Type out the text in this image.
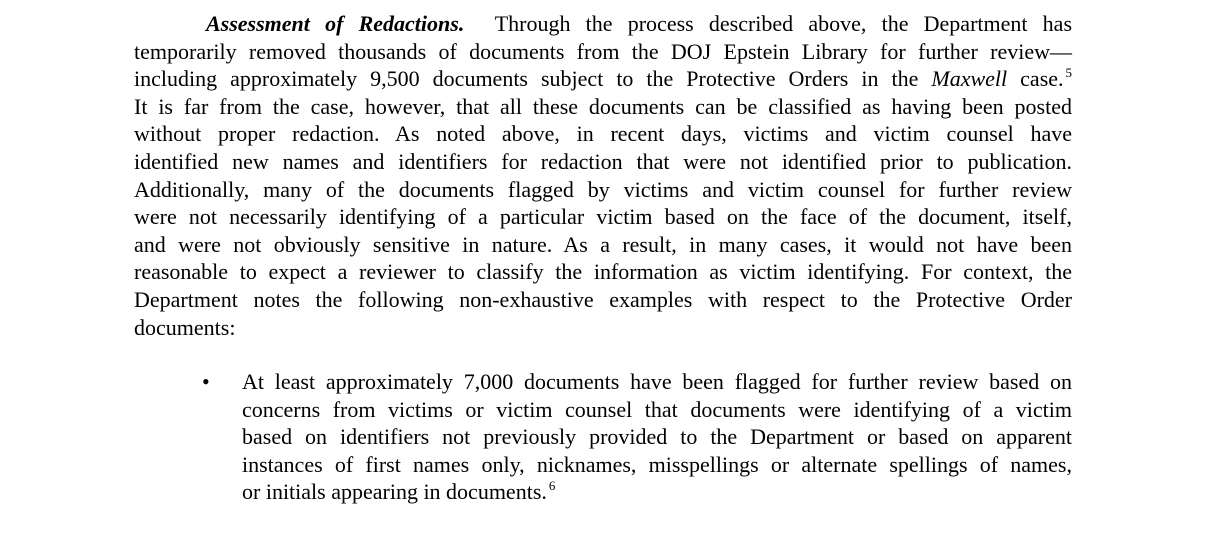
Assessment of Redactions. Through the process described above, the Department has
temporarily removed thousands of documents from the DOJ Epstein Library for further review—
including approximately 9,500 documents subject to the Protective Orders in the Maxwell case. $^5$
It is far from the case, however, that all these documents can be classified as having been posted
without proper redaction. As noted above, in recent days, victims and victim counsel have
identified new names and identifiers for redaction that were not identified prior to publication.
Additionally, many of the documents flagged by victims and victim counsel for further review
were not necessarily identifying of a particular victim based on the face of the document, itself,
and were not obviously sensitive in nature. As a result, in many cases, it would not have been
reasonable to expect a reviewer to classify the information as victim identifying. For context, the
Department notes the following non-exhaustive examples with respect to the Protective Order
documents:

• At least approximately 7,000 documents have been flagged for further review based on
concerns from victims or victim counsel that documents were identifying of a victim
based on identifiers not previously provided to the Department or based on apparent
instances of first names only, nicknames, misspellings or alternate spellings of names,
or initials appearing in documents. $^6$
